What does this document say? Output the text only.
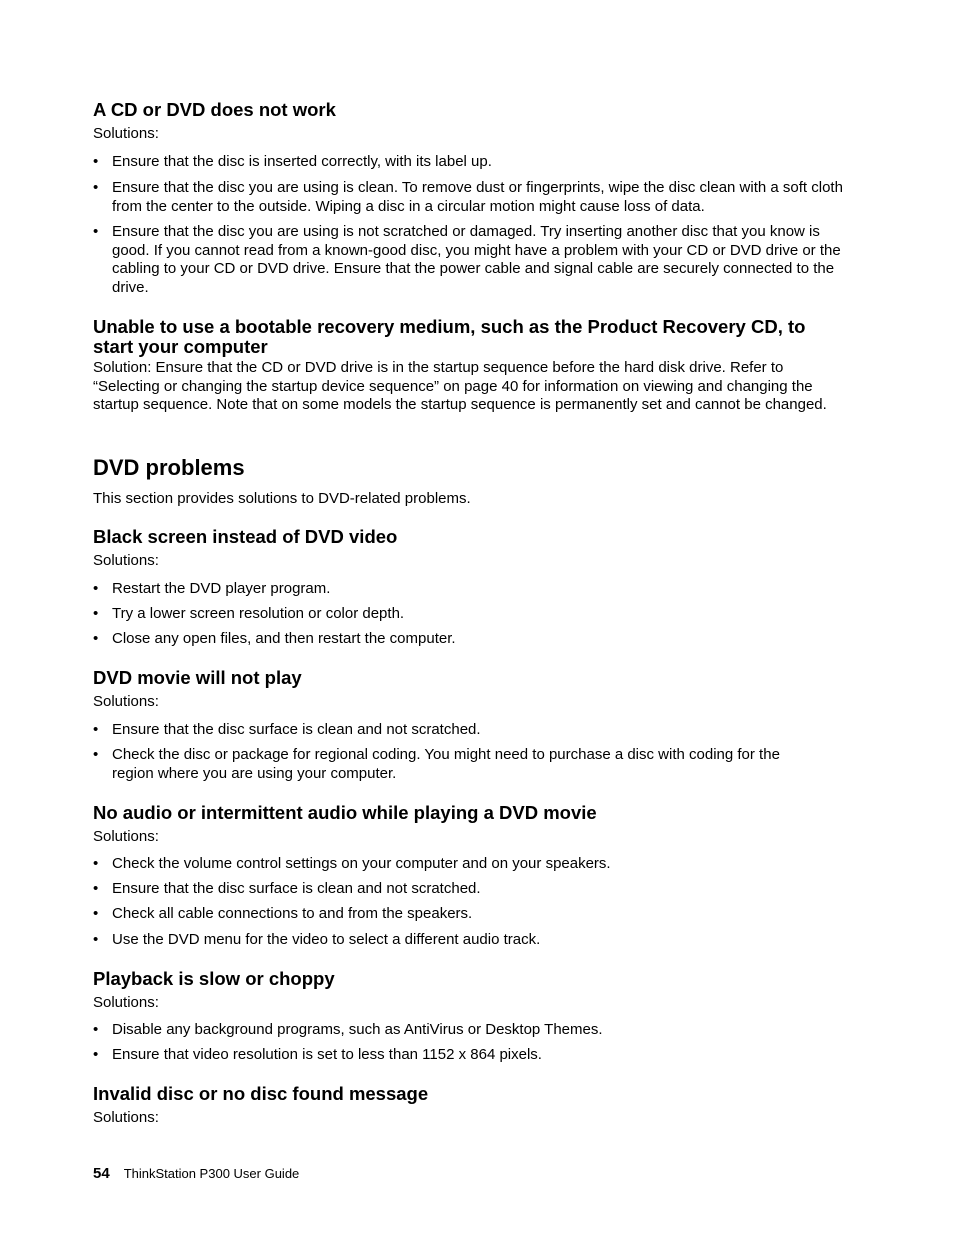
A CD or DVD does not work

Solutions:

• Ensure that the disc is inserted correctly, with its label up.
• Ensure that the disc you are using is clean. To remove dust or fingerprints, wipe the disc clean with a soft cloth from the center to the outside. Wiping a disc in a circular motion might cause loss of data.
• Ensure that the disc you are using is not scratched or damaged. Try inserting another disc that you know is good. If you cannot read from a known-good disc, you might have a problem with your CD or DVD drive or the cabling to your CD or DVD drive. Ensure that the power cable and signal cable are securely connected to the drive.
Unable to use a bootable recovery medium, such as the Product Recovery CD, to start your computer

Solution: Ensure that the CD or DVD drive is in the startup sequence before the hard disk drive. Refer to “Selecting or changing the startup device sequence” on page 40 for information on viewing and changing the startup sequence. Note that on some models the startup sequence is permanently set and cannot be changed.

DVD problems

This section provides solutions to DVD-related problems.

Black screen instead of DVD video

Solutions:

• Restart the DVD player program.
• Try a lower screen resolution or color depth.
• Close any open files, and then restart the computer.
DVD movie will not play

Solutions:

• Ensure that the disc surface is clean and not scratched.
• Check the disc or package for regional coding. You might need to purchase a disc with coding for the region where you are using your computer.
No audio or intermittent audio while playing a DVD movie

Solutions:

• Check the volume control settings on your computer and on your speakers.
• Ensure that the disc surface is clean and not scratched.
• Check all cable connections to and from the speakers.
• Use the DVD menu for the video to select a different audio track.
Playback is slow or choppy

Solutions:

• Disable any background programs, such as AntiVirus or Desktop Themes.
• Ensure that video resolution is set to less than 1152 x 864 pixels.
Invalid disc or no disc found message

Solutions:

54 ThinkStation P300 User Guide
